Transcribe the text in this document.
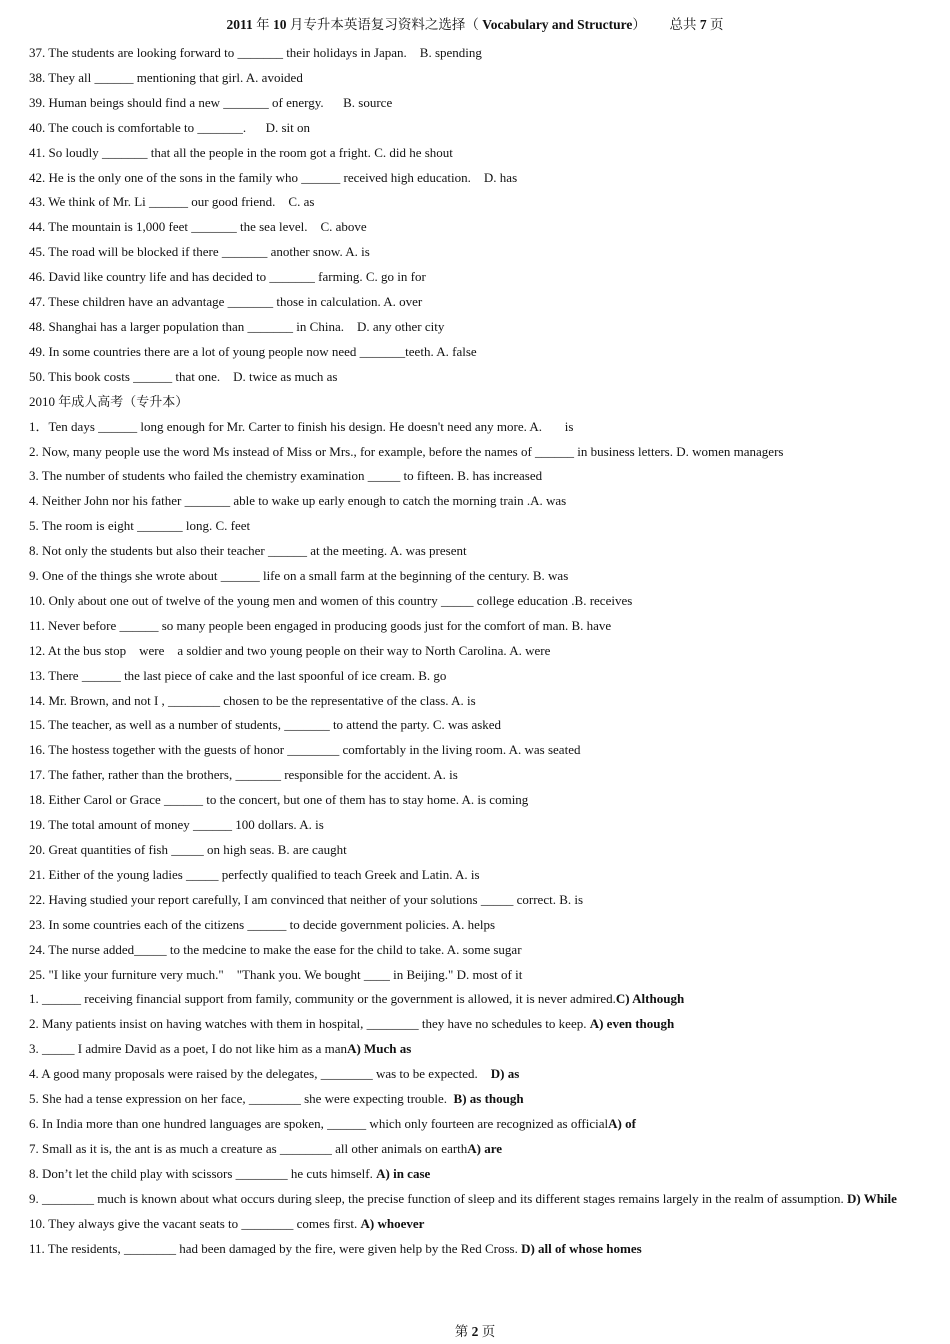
2011 年 10 月专升本英语复习资料之选择（ Vocabulary and Structure） 总共 7 页
37. The students are looking forward to _______ their holidays in Japan.    B. spending
38. They all ______ mentioning that girl. A. avoided
39. Human beings should find a new _______ of energy.      B. source
40. The couch is comfortable to _______.      D. sit on
41. So loudly _______ that all the people in the room got a fright. C. did he shout
42. He is the only one of the sons in the family who ______ received high education.    D. has
43. We think of Mr. Li ______ our good friend.    C. as
44. The mountain is 1,000 feet _______ the sea level.    C. above
45. The road will be blocked if there _______ another snow. A. is
46. David like country life and has decided to _______ farming. C. go in for
47. These children have an advantage _______ those in calculation. A. over
48. Shanghai has a larger population than _______ in China.    D. any other city
49. In some countries there are a lot of young people now need _______teeth. A. false
50. This book costs ______ that one.    D. twice as much as
2010 年成人高考（专升本）
1．Ten days ______ long enough for Mr. Carter to finish his design. He doesn't need any more. A.       is
2. Now, many people use the word Ms instead of Miss or Mrs., for example, before the names of ______ in business letters. D. women managers
3. The number of students who failed the chemistry examination _____ to fifteen. B. has increased
4. Neither John nor his father _______ able to wake up early enough to catch the morning train .A. was
5. The room is eight _______ long. C. feet
8. Not only the students but also their teacher ______ at the meeting. A. was present
9. One of the things she wrote about ______ life on a small farm at the beginning of the century. B. was
10. Only about one out of twelve of the young men and women of this country _____ college education .B. receives
11. Never before ______ so many people been engaged in producing goods just for the comfort of man. B. have
12. At the bus stop    were    a soldier and two young people on their way to North Carolina. A. were
13. There ______ the last piece of cake and the last spoonful of ice cream. B. go
14. Mr. Brown, and not I , ________ chosen to be the representative of the class. A. is
15. The teacher, as well as a number of students, _______ to attend the party. C. was asked
16. The hostess together with the guests of honor ________ comfortably in the living room. A. was seated
17. The father, rather than the brothers, _______ responsible for the accident. A. is
18. Either Carol or Grace ______ to the concert, but one of them has to stay home. A. is coming
19. The total amount of money ______ 100 dollars. A. is
20. Great quantities of fish _____ on high seas. B. are caught
21. Either of the young ladies _____ perfectly qualified to teach Greek and Latin. A. is
22. Having studied your report carefully, I am convinced that neither of your solutions _____ correct. B. is
23. In some countries each of the citizens ______ to decide government policies. A. helps
24. The nurse added_____ to the medcine to make the ease for the child to take. A. some sugar
25. "I like your furniture very much."    "Thank you. We bought ____ in Beijing." D. most of it
1. ______ receiving financial support from family, community or the government is allowed, it is never admired.C) Although
2. Many patients insist on having watches with them in hospital, ________ they have no schedules to keep. A) even though
3. _____ I admire David as a poet, I do not like him as a manA) Much as
4. A good many proposals were raised by the delegates, ________ was to be expected.    D) as
5. She had a tense expression on her face, ________ she were expecting trouble.  B) as though
6. In India more than one hundred languages are spoken, ______ which only fourteen are recognized as officialA) of
7. Small as it is, the ant is as much a creature as ________ all other animals on earthA) are
8. Don’t let the child play with scissors ________ he cuts himself. A) in case
9. ________ much is known about what occurs during sleep, the precise function of sleep and its different stages remains largely in the realm of assumption. D) While
10. They always give the vacant seats to ________ comes first. A) whoever
11. The residents, ________ had been damaged by the fire, were given help by the Red Cross. D) all of whose homes
第 2 页
